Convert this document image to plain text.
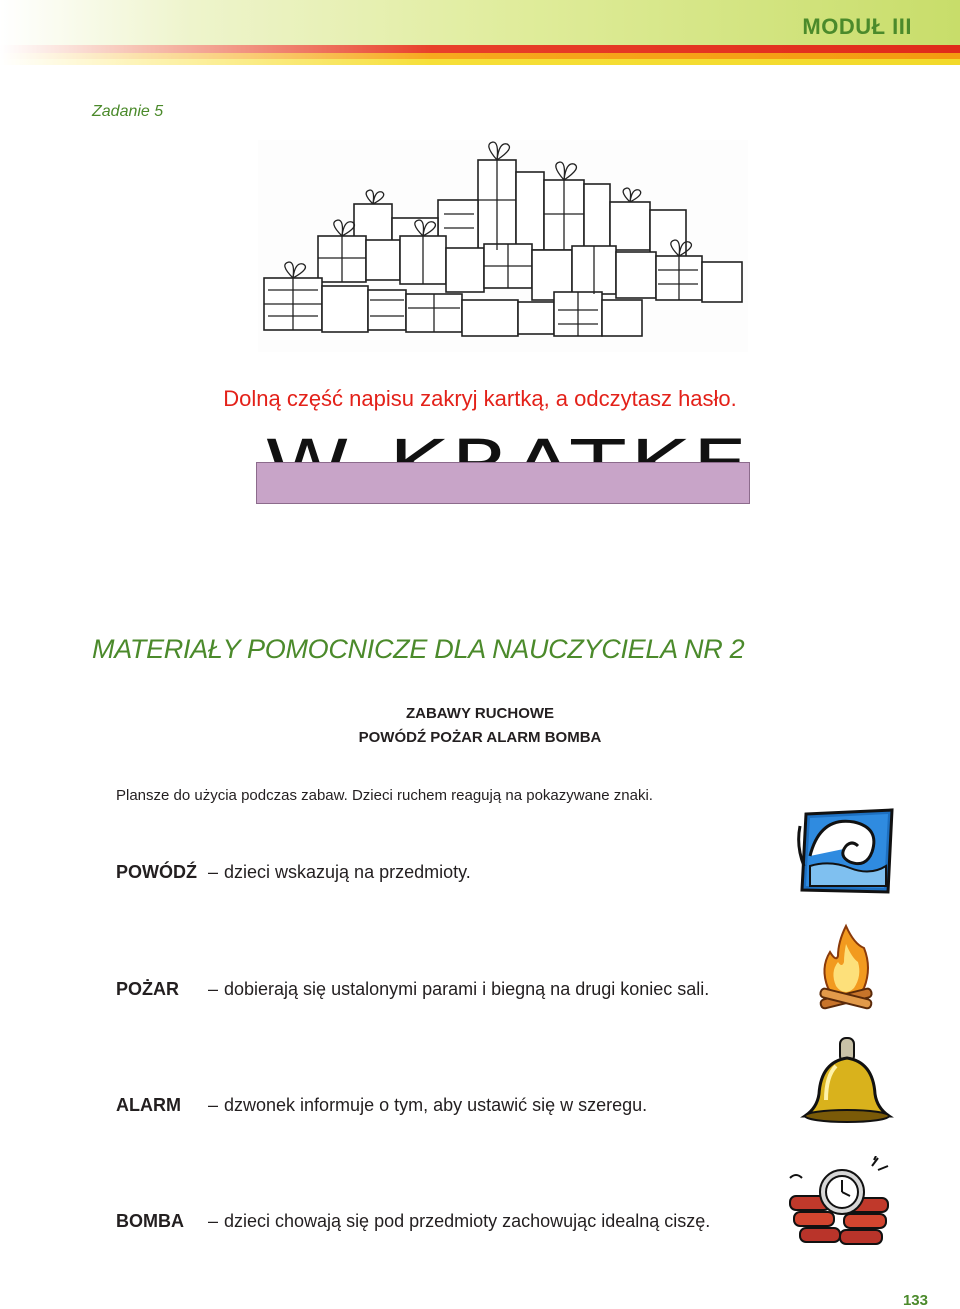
MODUŁ III
Zadanie 5
Dolną część napisu zakryj kartką, a odczytasz hasło.
MATERIAŁY POMOCNICZE DLA NAUCZYCIELA NR 2
ZABAWY RUCHOWE
POWÓDŹ POŻAR ALARM BOMBA
Plansze do użycia podczas zabaw. Dzieci ruchem reagują na pokazywane znaki.
POWÓDŹ – dzieci wskazują na przedmioty.
POŻAR – dobierają się ustalonymi parami i biegną na drugi koniec sali.
ALARM – dzwonek informuje o tym, aby ustawić się w szeregu.
BOMBA – dzieci chowają się pod przedmioty zachowując idealną ciszę.
133
